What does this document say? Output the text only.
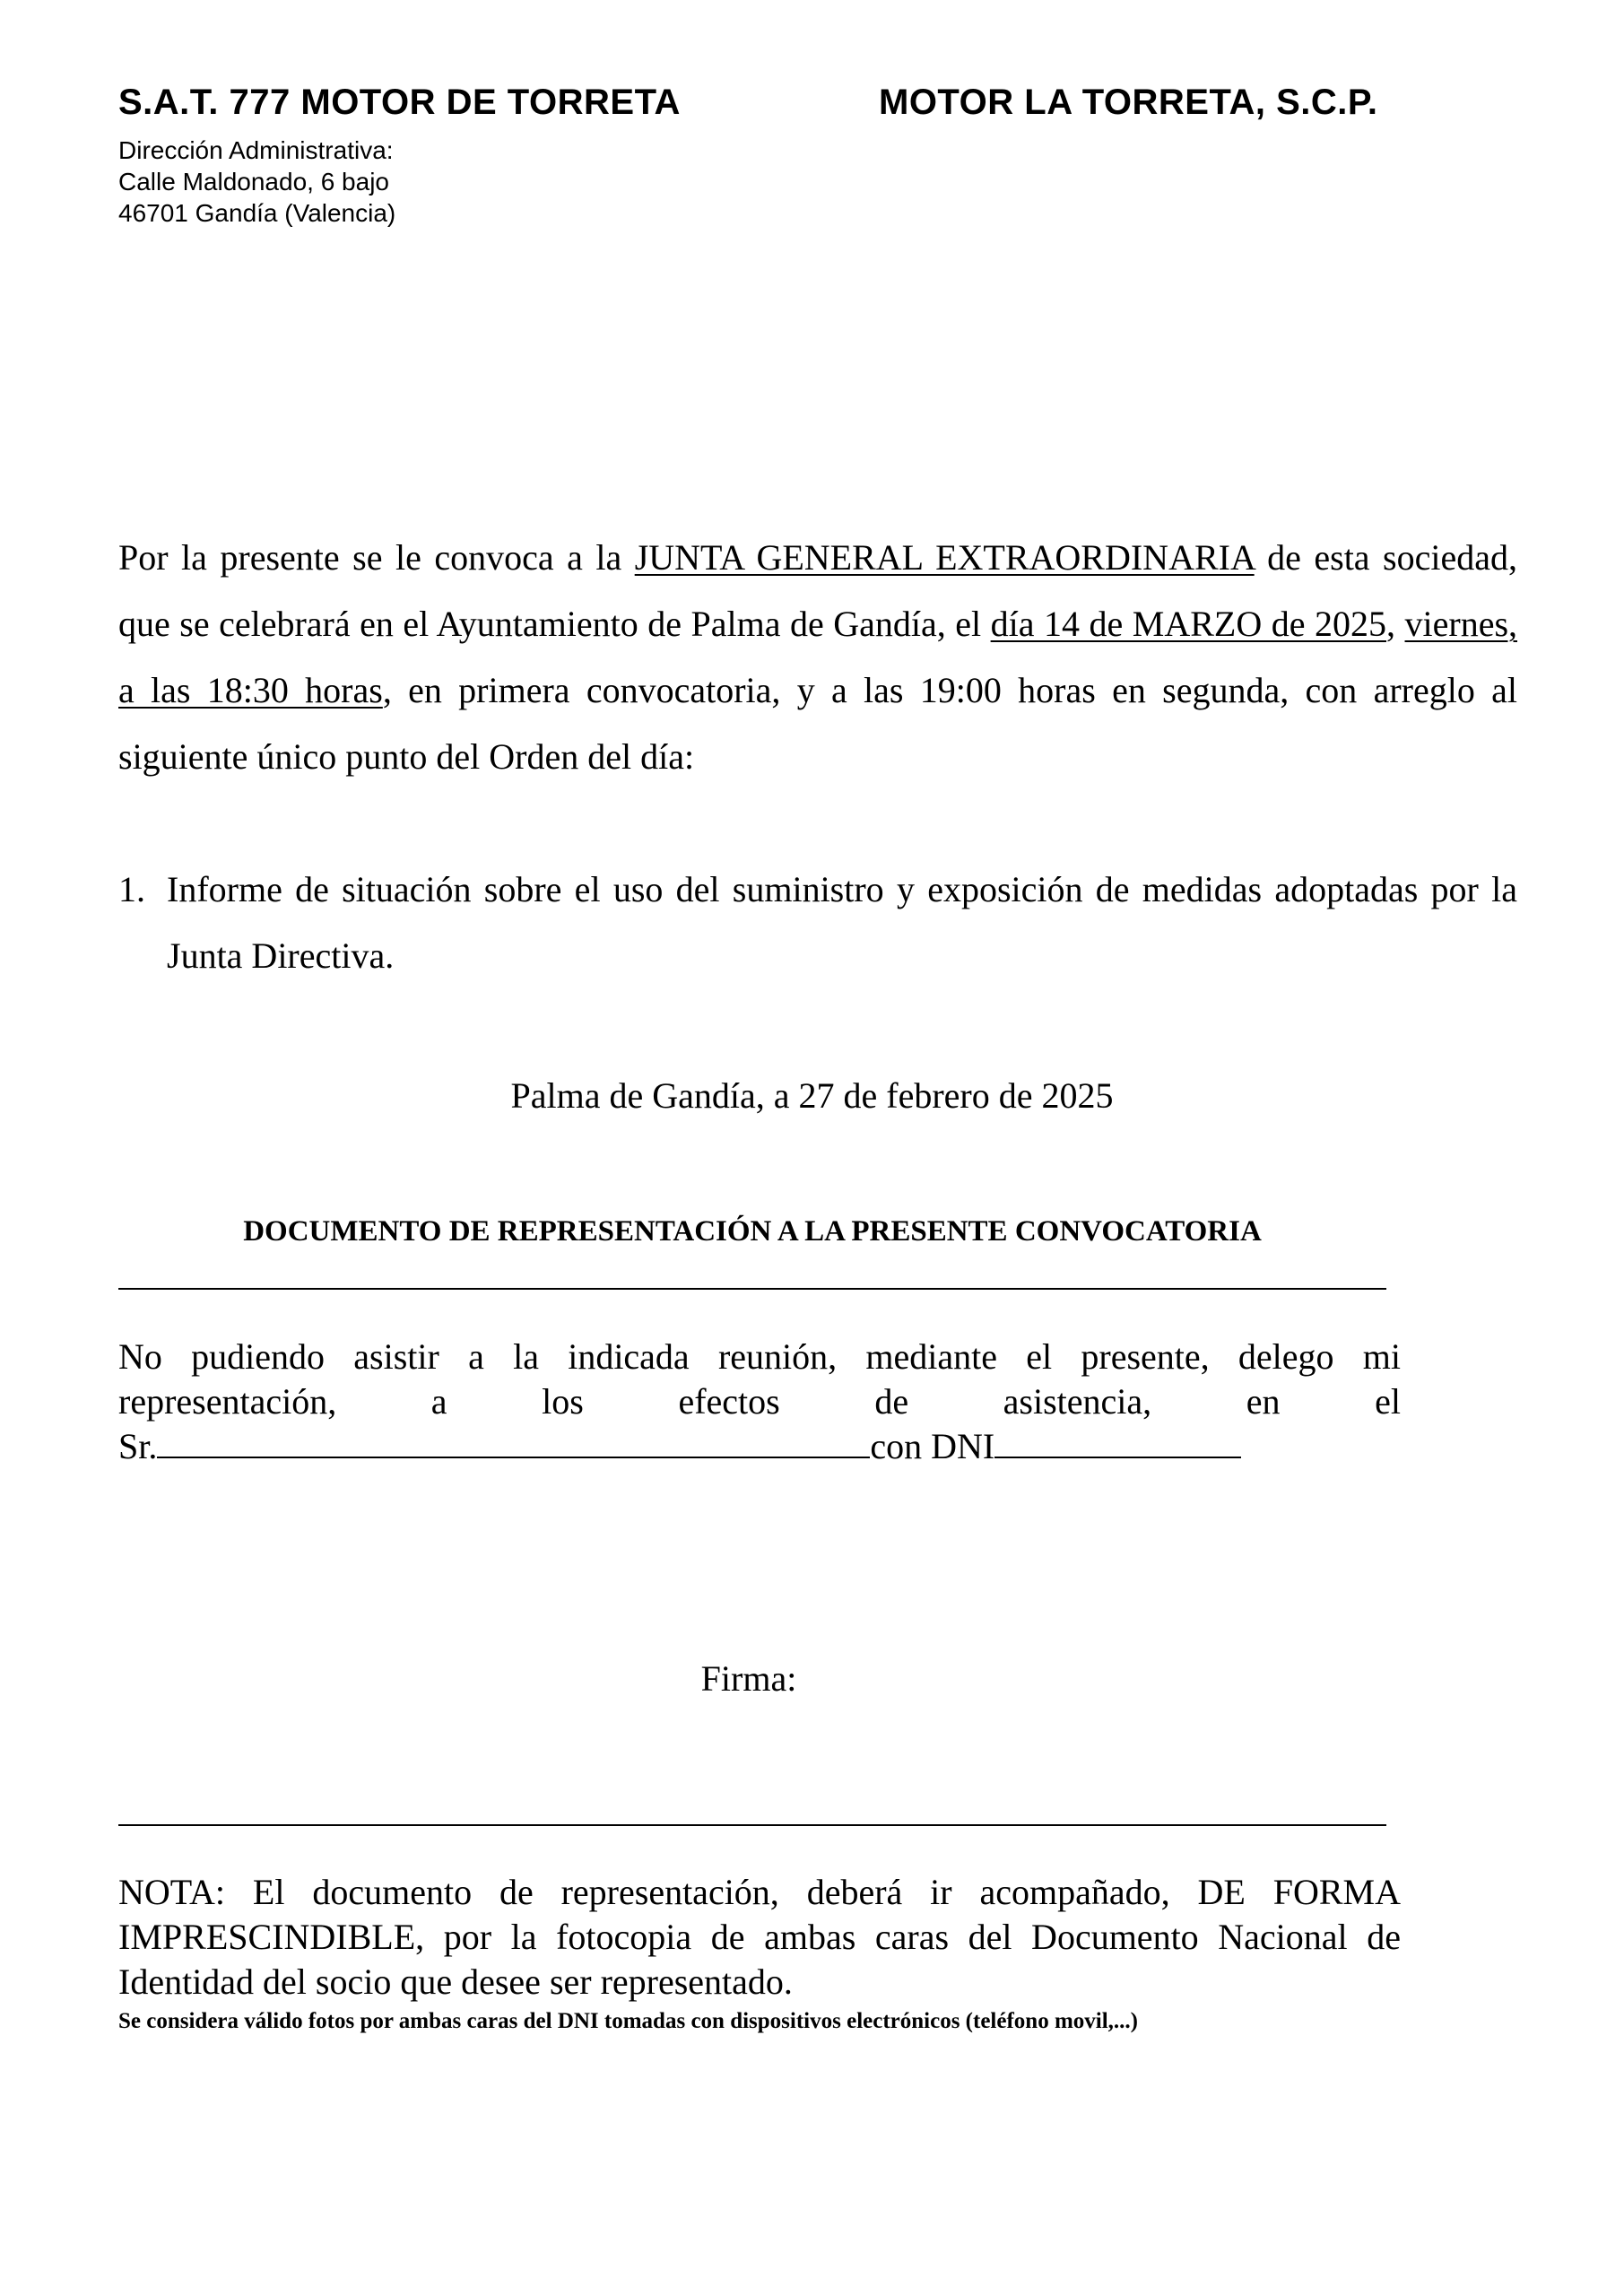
S.A.T. 777 MOTOR DE TORRETA	MOTOR LA TORRETA, S.C.P.
Dirección Administrativa:
Calle Maldonado, 6 bajo
46701 Gandía (Valencia)
Por la presente se le convoca a la JUNTA GENERAL EXTRAORDINARIA de esta sociedad, que se celebrará en el Ayuntamiento de Palma de Gandía, el día 14 de MARZO de 2025, viernes, a las 18:30 horas, en primera convocatoria, y a las 19:00 horas en segunda, con arreglo al siguiente único punto del Orden del día:
1. Informe de situación sobre el uso del suministro y exposición de medidas adoptadas por la Junta Directiva.
Palma de Gandía, a 27 de febrero de 2025
DOCUMENTO DE REPRESENTACIÓN A LA PRESENTE CONVOCATORIA
No pudiendo asistir a la indicada reunión, mediante el presente, delego mi
representación, a los efectos de asistencia, en el
Sr.	con DNI
Firma:
NOTA: El documento de representación, deberá ir acompañado, DE FORMA
IMPRESCINDIBLE, por la fotocopia de ambas caras del Documento Nacional de
Identidad del socio que desee ser representado.
Se considera válido fotos por ambas caras del DNI tomadas con dispositivos electrónicos (teléfono movil,...)
